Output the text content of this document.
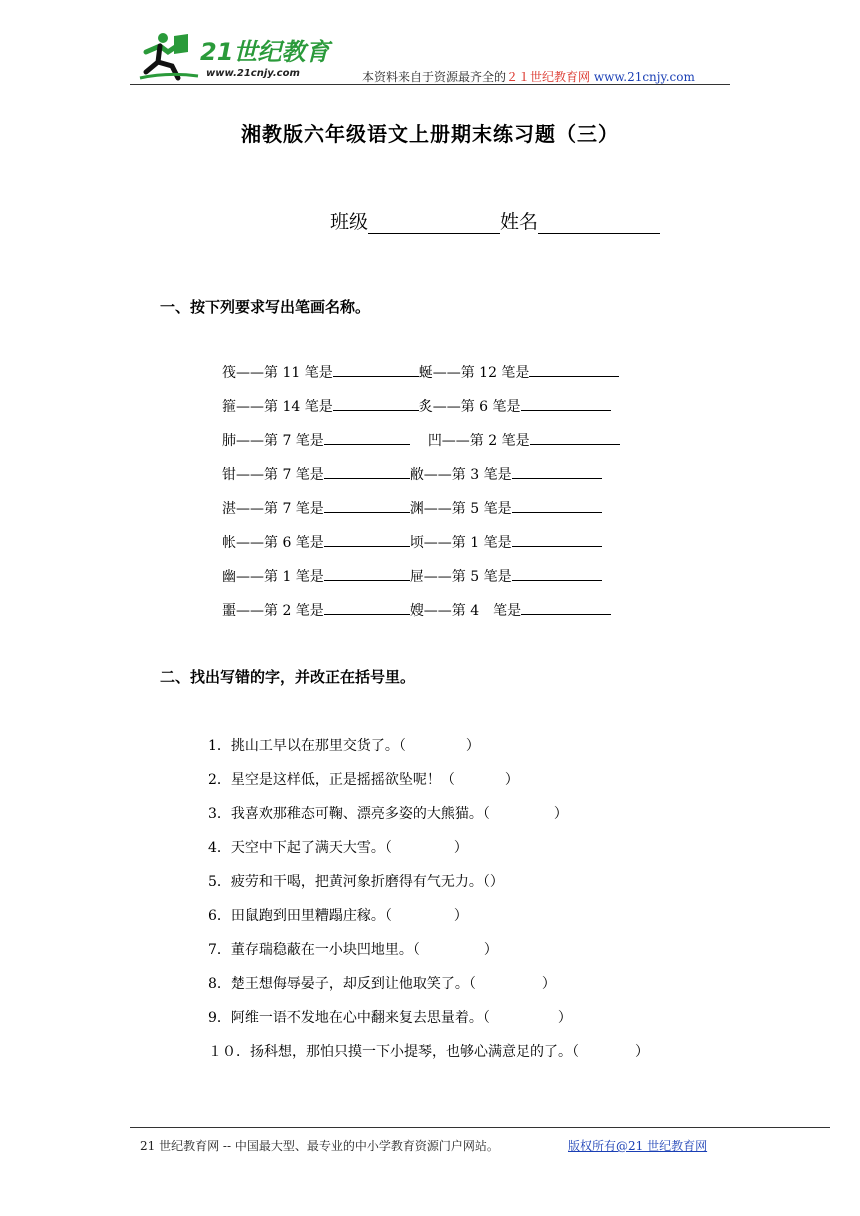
21世纪教育
www.21cnjy.com	本资料来自于资源最齐全的２１世纪教育网 www.21cnjy.com
湘教版六年级语文上册期末练习题（三）
班级	姓名
一、按下列要求写出笔画名称。
筏——第 11 笔是	蜒——第 12 笔是
箍——第 14 笔是	炙——第 6 笔是
肺——第 7 笔是	凹——第 2 笔是
钳——第 7 笔是	敝——第 3 笔是
湛——第 7 笔是	渊——第 5 笔是
帐——第 6 笔是	顷——第 1 笔是
幽——第 1 笔是	屉——第 5 笔是
噩——第 2 笔是	嫂——第 4　笔是
二、找出写错的字，并改正在括号里。
1．挑山工早以在那里交货了。（	）
2．星空是这样低，正是摇摇欲坠呢！（	）
3．我喜欢那稚态可鞠、漂亮多姿的大熊猫。（	）
4．天空中下起了满天大雪。（	）
5．疲劳和干喝，把黄河象折磨得有气无力。（）
6．田鼠跑到田里糟蹋庄稼。（	）
7．董存瑞稳蔽在一小块凹地里。（	）
8．楚王想侮辱晏子，却反到让他取笑了。（	）
9．阿维一语不发地在心中翻来复去思量着。（	）
１０．扬科想，那怕只摸一下小提琴，也够心满意足的了。（	）
21 世纪教育网 -- 中国最大型、最专业的中小学教育资源门户网站。	版权所有@21 世纪教育网
